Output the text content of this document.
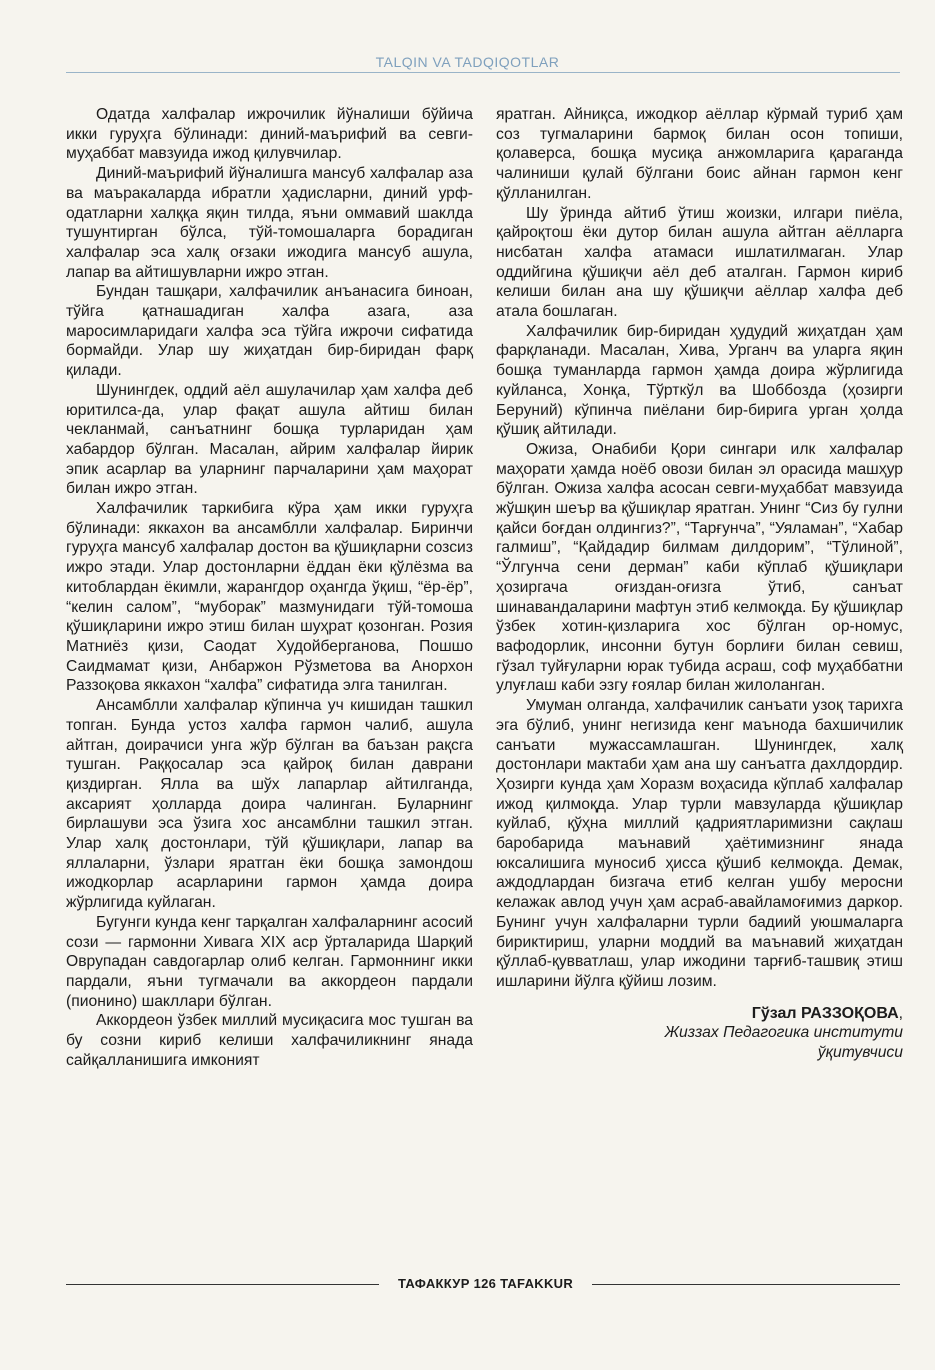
TALQIN VA TADQIQOTLAR

Одатда халфалар ижрочилик йўналиши бўйича икки гуруҳга бўлинади: диний-маърифий ва севги-муҳаббат мавзуида ижод қилувчилар.

Диний-маърифий йўналишга мансуб халфалар аза ва маъракаларда ибратли ҳадисларни, диний урф-одатларни халққа яқин тилда, яъни оммавий шаклда тушунтирган бўлса, тўй-томошаларга борадиган халфалар эса халқ оғзаки ижодига мансуб ашула, лапар ва айтишувларни ижро этган.

Бундан ташқари, халфачилик анъанасига биноан, тўйга қатнашадиган халфа азага, аза маросимларидаги халфа эса тўйга ижрочи сифатида бормайди. Улар шу жиҳатдан бир-биридан фарқ қилади.

Шунингдек, оддий аёл ашулачилар ҳам халфа деб юритилса-да, улар фақат ашула айтиш билан чекланмай, санъатнинг бошқа турларидан ҳам хабардор бўлган. Масалан, айрим халфалар йирик эпик асарлар ва уларнинг парчаларини ҳам маҳорат билан ижро этган.

Халфачилик таркибига кўра ҳам икки гуруҳга бўлинади: яккахон ва ансамблли халфалар. Биринчи гуруҳга мансуб халфалар достон ва қўшиқларни созсиз ижро этади. Улар достонларни ёддан ёки қўлёзма ва китоблардан ёкимли, жарангдор оҳангда ўқиш, “ёр-ёр”, “келин салом”, “муборак” мазмунидаги тўй-томоша қўшиқларини ижро этиш билан шуҳрат қозонган. Розия Матниёз қизи, Саодат Худойберганова, Пошшо Саидмамат қизи, Анбаржон Рўзметова ва Анорхон Раззоқова яккахон “халфа” сифатида элга танилган.

Ансамблли халфалар кўпинча уч кишидан ташкил топган. Бунда устоз халфа гармон чалиб, ашула айтган, доирачиси унга жўр бўлган ва баъзан рақсга тушган. Раққосалар эса қайроқ билан даврани қиздирган. Ялла ва шўх лапарлар айтилганда, аксарият ҳолларда доира чалинган. Буларнинг бирлашуви эса ўзига хос ансамблни ташкил этган. Улар халқ достонлари, тўй қўшиқлари, лапар ва яллаларни, ўзлари яратган ёки бошқа замондош ижодкорлар асарларини гармон ҳамда доира жўрлигида куйлаган.

Бугунги кунда кенг тарқалган халфаларнинг асосий сози — гармонни Хивага XIX аср ўрталарида Шарқий Оврупадан савдогарлар олиб келган. Гармоннинг икки пардали, яъни тугмачали ва аккордеон пардали (пионино) шакллари бўлган.

Аккордеон ўзбек миллий мусиқасига мос тушган ва бу созни кириб келиши халфачиликнинг янада сайқалланишига имконият

яратган. Айниқса, ижодкор аёллар кўрмай туриб ҳам соз тугмаларини бармоқ билан осон топиши, қолаверса, бошқа мусиқа анжомларига қараганда чалиниши қулай бўлгани боис айнан гармон кенг қўлланилган.

Шу ўринда айтиб ўтиш жоизки, илгари пиёла, қайроқтош ёки дутор билан ашула айтган аёлларга нисбатан халфа атамаси ишлатилмаган. Улар оддийгина қўшиқчи аёл деб аталган. Гармон кириб келиши билан ана шу қўшиқчи аёллар халфа деб атала бошлаган.

Халфачилик бир-биридан ҳудудий жиҳатдан ҳам фарқланади. Масалан, Хива, Урганч ва уларга яқин бошқа туманларда гармон ҳамда доира жўрлигида куйланса, Хонқа, Тўрткўл ва Шоббозда (ҳозирги Беруний) кўпинча пиёлани бир-бирига урган ҳолда қўшиқ айтилади.

Ожиза, Онабиби Қори сингари илк халфалар маҳорати ҳамда ноёб овози билан эл орасида машҳур бўлган. Ожиза халфа асосан севги-муҳаббат мавзуида жўшқин шеър ва қўшиқлар яратган. Унинг “Сиз бу гулни қайси боғдан олдингиз?”, “Тарғунча”, “Уяламан”, “Хабар галмиш”, “Қайдадир билмам дилдорим”, “Тўлиной”, “Ўлгунча сени дерман” каби кўплаб қўшиқлари ҳозиргача оғиздан-оғизга ўтиб, санъат шинавандаларини мафтун этиб келмоқда. Бу қўшиқлар ўзбек хотин-қизларига хос бўлган ор-номус, вафодорлик, инсонни бутун борлиғи билан севиш, гўзал туйғуларни юрак тубида асраш, соф муҳаббатни улуғлаш каби эзгу ғоялар билан жилоланган.

Умуман олганда, халфачилик санъати узоқ тарихга эга бўлиб, унинг негизида кенг маънода бахшичилик санъати мужассамлашган. Шунингдек, халқ достонлари мактаби ҳам ана шу санъатга дахлдордир. Ҳозирги кунда ҳам Хоразм воҳасида кўплаб халфалар ижод қилмоқда. Улар турли мавзуларда қўшиқлар куйлаб, қўҳна миллий қадриятларимизни сақлаш баробарида маънавий ҳаётимизнинг янада юксалишига муносиб ҳисса қўшиб келмоқда. Демак, аждодлардан бизгача етиб келган ушбу меросни келажак авлод учун ҳам асраб-авайламоғимиз даркор. Бунинг учун халфаларни турли бадиий уюшмаларга бириктириш, уларни моддий ва маънавий жиҳатдан қўллаб-қувватлаш, улар ижодини тарғиб-ташвиқ этиш ишларини йўлга қўйиш лозим.

Гўзал РАЗЗОҚОВА,
Жиззах Педагогика институти
ўқитувчиси
ТАФАККУР 126 TAFAKKUR
